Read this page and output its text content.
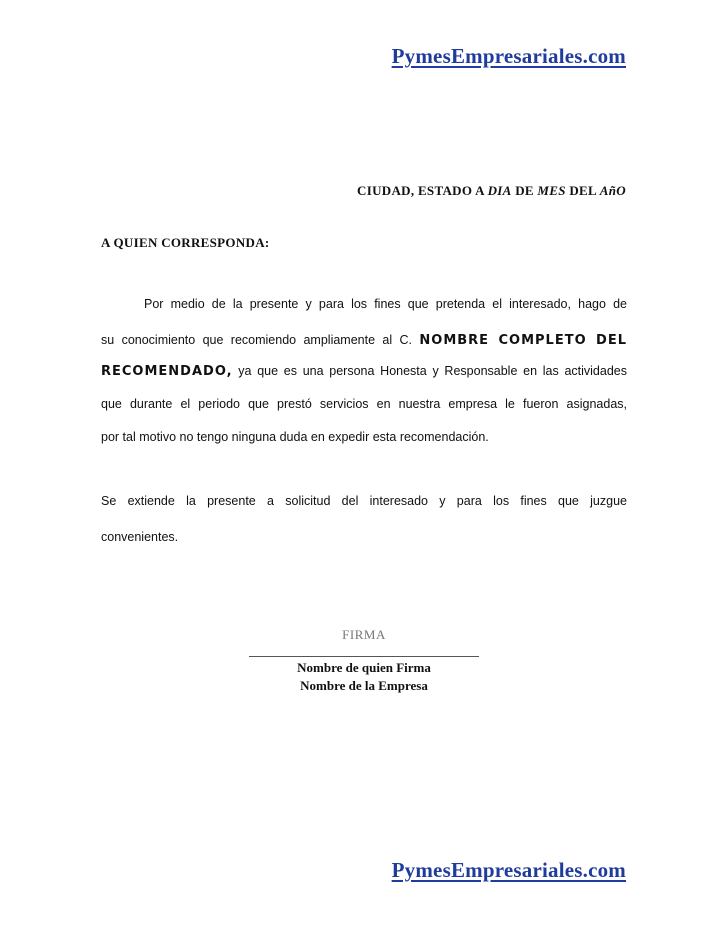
PymesEmpresariales.com
CIUDAD, ESTADO A DIA DE MES DEL AñO
A QUIEN CORRESPONDA:
Por medio de la presente y para los fines que pretenda el interesado, hago de
su conocimiento que recomiendo ampliamente al C. NOMBRE COMPLETO DEL
RECOMENDADO, ya que es una persona Honesta y Responsable en las actividades
que durante el periodo que prestó servicios en nuestra empresa le fueron asignadas,
por tal motivo no tengo ninguna duda en expedir esta recomendación.
Se extiende la presente a solicitud del interesado y para los fines que juzgue
convenientes.
FIRMA
Nombre de quien Firma
Nombre de la Empresa
PymesEmpresariales.com
